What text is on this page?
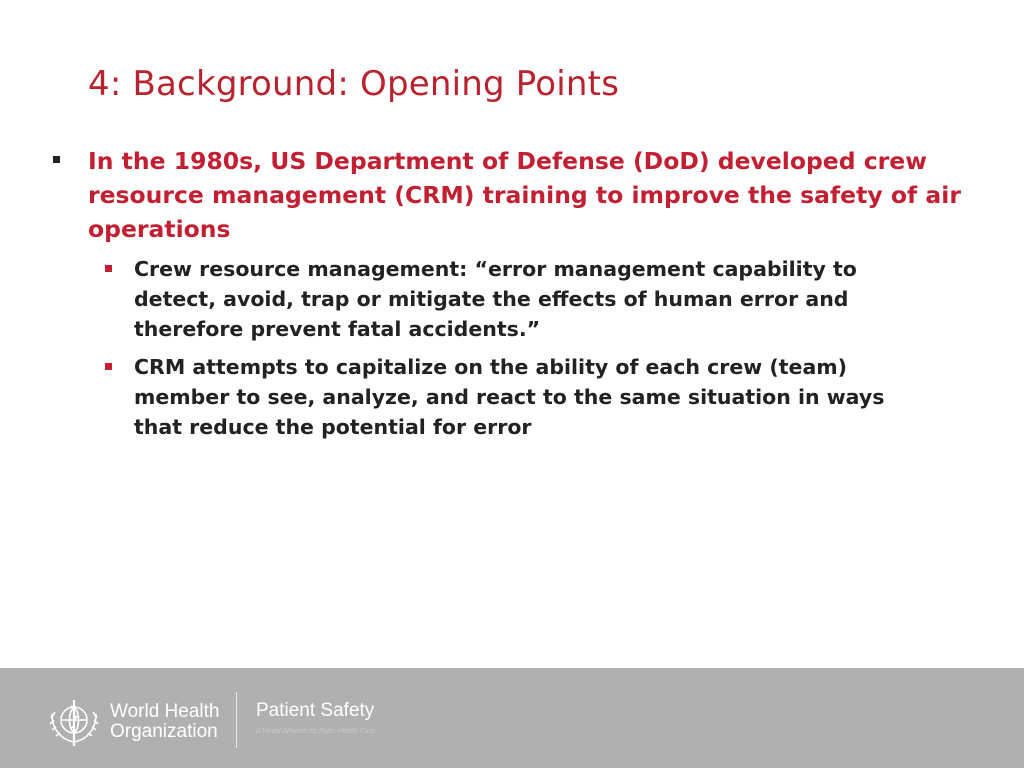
4: Background: Opening Points
In the 1980s, US Department of Defense (DoD) developed crew resource management (CRM) training to improve the safety of air operations
Crew resource management: “error management capability to detect, avoid, trap or mitigate the effects of human error and therefore prevent fatal accidents.”
CRM attempts to capitalize on the ability of each crew (team) member to see, analyze, and react to the same situation in ways that reduce the potential for error
World Health
Organization
Patient Safety
A World Alliance for Safer Health Care
